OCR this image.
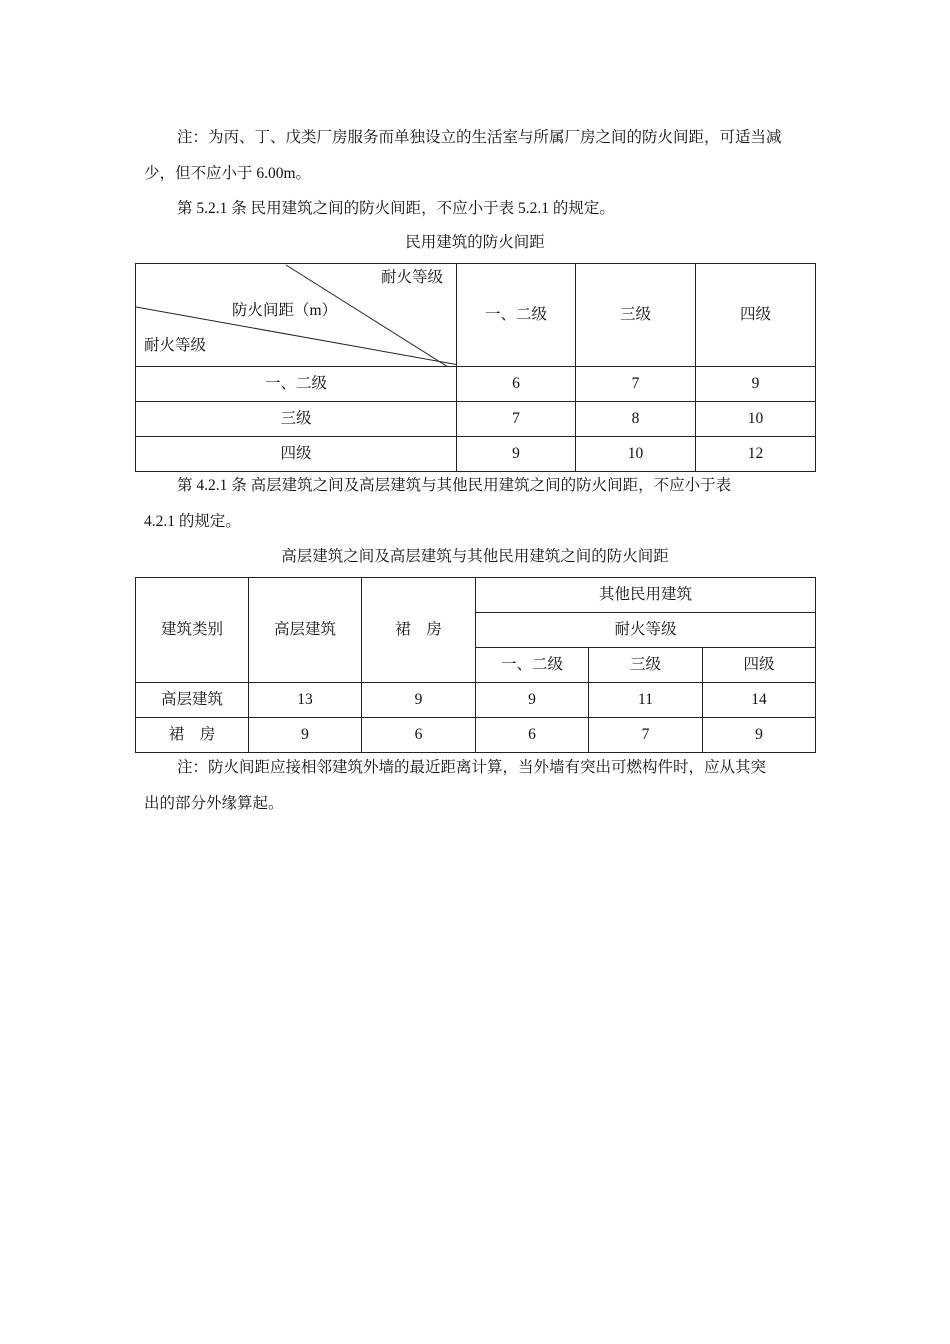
注：为丙、丁、戊类厂房服务而单独设立的生活室与所属厂房之间的防火间距，可适当减
少，但不应小于 6.00m。
第 5.2.1 条 民用建筑之间的防火间距，不应小于表 5.2.1 的规定。
民用建筑的防火间距
耐火等级
防火间距（m）
耐火等级	一、二级	三级	四级
一、二级	6	7	9
三级	7	8	10
四级	9	10	12
第 4.2.1 条 高层建筑之间及高层建筑与其他民用建筑之间的防火间距，不应小于表
4.2.1 的规定。
高层建筑之间及高层建筑与其他民用建筑之间的防火间距
建筑类别	高层建筑	裙　房	其他民用建筑		
			耐火等级		
			一、二级	三级	四级
高层建筑	13	9	9	11	14
裙　房	9	6	6	7	9
注：防火间距应接相邻建筑外墙的最近距离计算，当外墙有突出可燃构件时，应从其突
出的部分外缘算起。
